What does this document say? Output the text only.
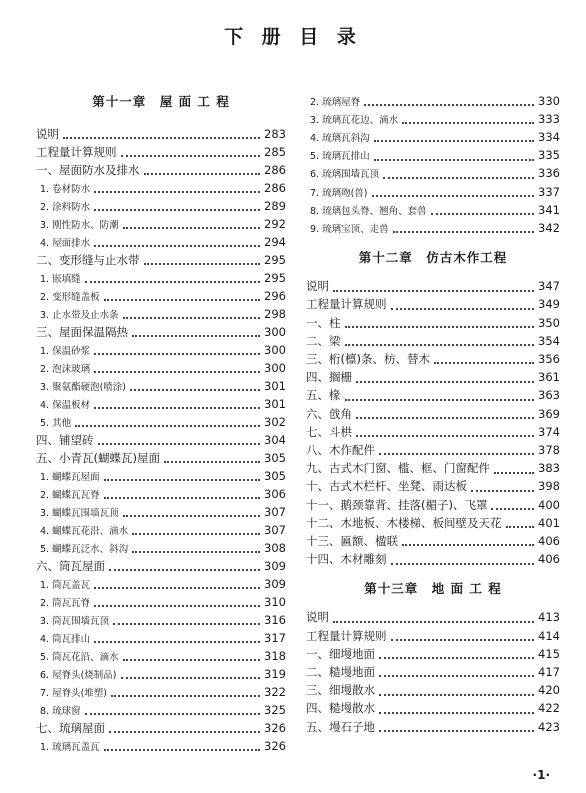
下 册 目 录
第十一章　屋 面 工 程
说明	283
工程量计算规则	285
一、屋面防水及排水	286
1. 卷材防水	286
2. 涂料防水	289
3. 刚性防水、防潮	292
4. 屋面排水	294
二、变形缝与止水带	295
1. 嵌填缝	295
2. 变形缝盖板	296
3. 止水带及止水条	298
三、屋面保温隔热	300
1. 保温砂浆	300
2. 泡沫玻璃	300
3. 聚氨酯硬泡(喷涂)	301
4. 保温板材	301
5. 其他	302
四、铺望砖	304
五、小青瓦(蝴蝶瓦)屋面	305
1. 蝴蝶瓦屋面	305
2. 蝴蝶瓦瓦脊	306
3. 蝴蝶瓦围墙瓦顶	307
4. 蝴蝶瓦花沿、滴水	307
5. 蝴蝶瓦泛水、斜沟	308
六、筒瓦屋面	309
1. 筒瓦盖瓦	309
2. 筒瓦瓦脊	310
3. 筒瓦围墙瓦顶	316
4. 筒瓦排山	317
5. 筒瓦花沿、滴水	318
6. 屋脊头(烧制品)	319
7. 屋脊头(堆塑)	322
8. 琉球窗	325
七、琉璃屋面	326
1. 琉璃瓦盖瓦	326
2. 琉璃屋脊	330
3. 琉璃瓦花边、滴水	333
4. 琉璃瓦斜沟	334
5. 琉璃瓦排山	335
6. 琉璃围墙瓦顶	336
7. 琉璃吻(兽)	337
8. 琉璃包头脊、翘角、套兽	341
9. 琉璃宝顶、走兽	342
第十二章　仿古木作工程
说明	347
工程量计算规则	349
一、柱	350
二、梁	354
三、桁(檩)条、枋、替木	356
四、搁栅	361
五、椽	363
六、戗角	369
七、斗栱	374
八、木作配件	378
九、古式木门窗、槛、框、门窗配件	383
十、古式木栏杆、坐凳、雨达板	398
十一、鹅颈靠背、挂落(楣子)、飞罩	400
十二、木地板、木楼梯、板间壁及天花	401
十三、匾额、楹联	406
十四、木材雕刻	406
第十三章　地 面 工 程
说明	413
工程量计算规则	414
一、细墁地面	415
二、糙墁地面	417
三、细墁散水	420
四、糙墁散水	422
五、墁石子地	423
·1·
